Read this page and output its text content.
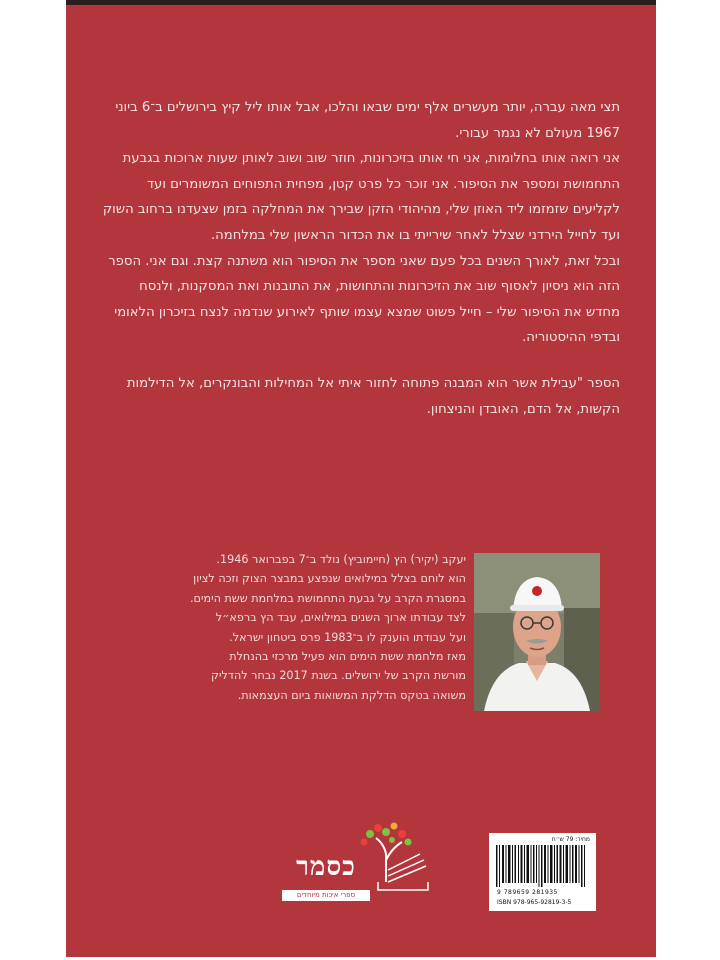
תצי מאה עברה, יותר מעשרים אלף ימים שבאו והלכו, אבל אותו ליל קיץ בירושלים ב־6 ביוני 1967 מעולם לא נגמר עבורי.

אני רואה אותו בחלומות, אני חי אותו בזיכרונות, חוזר שוב ושוב לאותן שעות ארוכות בגבעת התחמושת ומספר את הסיפור. אני זוכר כל פרט קטן, מפחית התפוחים המשומרים ועד לקליעים שזמזמו ליד האוזן שלי, מהיהודי הזקן שבירך את המחלקה בזמן שצעדנו ברחוב השוק ועד לחייל הירדני שצלל לאחר שירייתי בו את הכדור הראשון שלי במלחמה.

ובכל זאת, לאורך השנים בכל פעם שאני מספר את הסיפור הוא משתנה קצת. וגם אני. הספר הזה הוא ניסיון לאסוף שוב את הזיכרונות והתחושות, את התובנות ואת המסקנות, ולנסח מחדש את הסיפור שלי – חייל פשוט שמצא עצמו שותף לאירוע שנדמה לנצח בזיכרון הלאומי ובדפי ההיסטוריה.

הספר "עבילת אשר הוא המבנה פתוחה לחזור איתי אל המחילות והבונקרים, אל הדילמות הקשות, אל הדם, האובדן והניצחון.

יעקב (יקיר) הץ (חיימוביץ) נולד ב־7 בפברואר 1946.

הוא לוחם בצלל במילואים שנפצע במבצר הצוק וזכה לציון

במסגרת הקרב על גבעת התחמושת במלחמת ששת הימים.

לצד עבודתו ארוך השנים במילואים, עבד הץ ברפא״ל

ועל עבודתו הוענק לו ב־1983 פרס ביטחון ישראל.

מאז מלחמת ששת הימים הוא פעיל מרכזי בהנחלת

מורשת הקרב של ירושלים. בשנת 2017 נבחר להדליק

משואה בטקס הדלקת המשואות ביום העצמאות.

כסמר
ספרי איכות מיוחדים
מחיר: 79 ש״ח
9 789659 281935
ISBN 978-965-92819-3-5
